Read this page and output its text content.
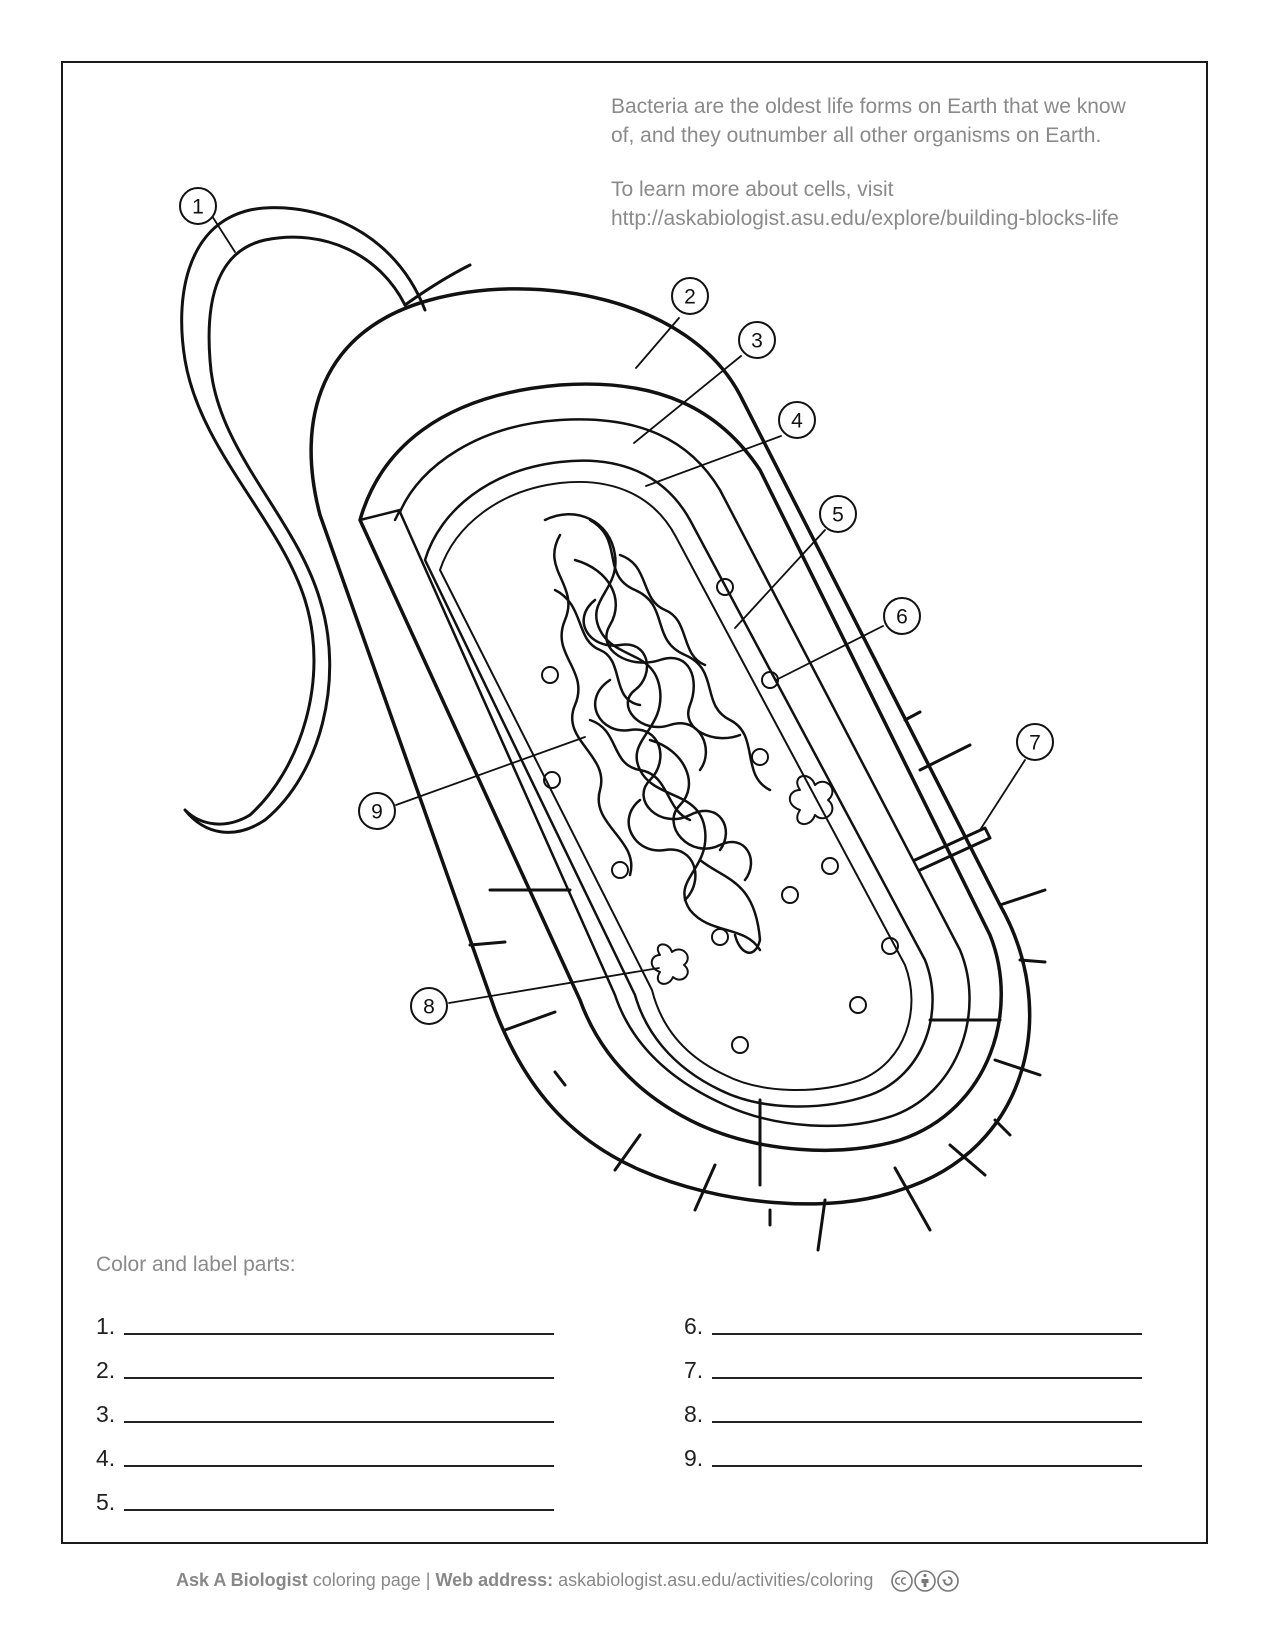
Bacteria are the oldest life forms on Earth that we know
of, and they outnumber all other organisms on Earth.

To learn more about cells, visit
http://askabiologist.asu.edu/explore/building-blocks-life

1
2
3
4
5
6
7
8
9
Color and label parts:
1.
2.
3.
4.
5.
6.
7.
8.
9.
Ask A Biologist coloring page | Web address: askabiologist.asu.edu/activities/coloring
